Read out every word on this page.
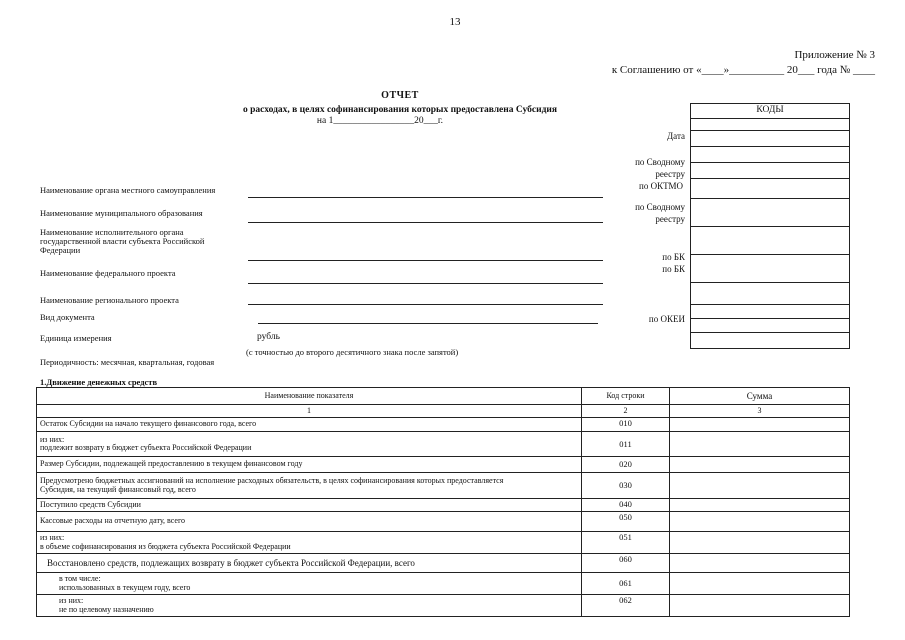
13
Приложение № 3
к Соглашению от «____»__________ 20___ года № ____
ОТЧЕТ
о расходах, в целях софинансирования которых предоставлена Субсидия
на 1_________________20___г.
КОДЫ
Дата
по Сводному
реестру
по ОКТМО
по Сводному
реестру
по БК
по БК
по ОКЕИ
Наименование органа местного самоуправления
Наименование муниципального образования
Наименование исполнительного органа государственной власти субъекта Российской Федерации
Наименование федерального проекта
Наименование регионального проекта
Вид документа
Единица измерения	рубль
(с точностью до второго десятичного знака после запятой)
Периодичность: месячная, квартальная, годовая
1.Движение денежных средств
Наименование показателя	Код строки	Сумма
1	2	3
Остаток Субсидии на начало текущего финансового года, всего	010	
из них:
подлежит возврату в бюджет субъекта Российской Федерации	011	
Размер Субсидии, подлежащей предоставлению в текущем финансовом году	020	
Предусмотрено бюджетных ассигнований на исполнение расходных обязательств, в целях софинансирования которых предоставляется Субсидия, на текущий финансовый год, всего	030	
Поступило средств Субсидии	040	
Кассовые расходы на отчетную дату, всего	050	
из них:
в объеме софинансирования из бюджета субъекта Российской Федерации	051	
Восстановлено средств, подлежащих возврату в бюджет субъекта Российской Федерации, всего	060	
в том числе:
использованных в текущем году, всего	061	
из них:
не по целевому назначению	062	
